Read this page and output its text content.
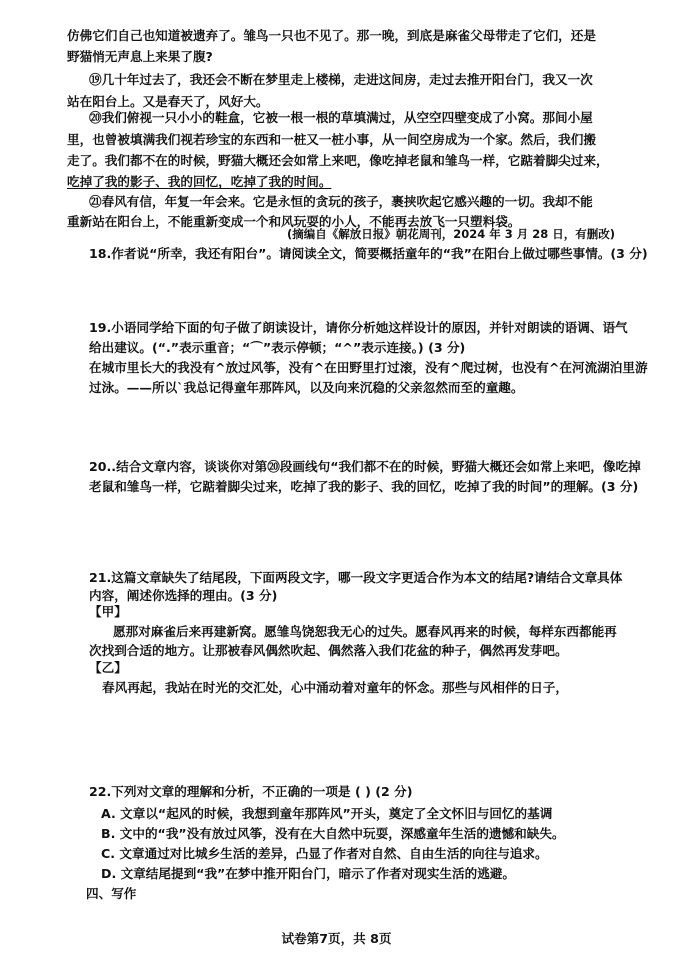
仿佛它们自己也知道被遗弃了。雏鸟一只也不见了。那一晚，到底是麻雀父母带走了它们，还是
野猫悄无声息上来果了腹?
⑲几十年过去了，我还会不断在梦里走上楼梯，走进这间房，走过去推开阳台门，我又一次
站在阳台上。又是春天了，风好大。
⑳我们俯视一只小小的鞋盒，它被一根一根的草填满过，从空空四壁变成了小窝。那间小屋
里，也曾被填满我们视若珍宝的东西和一桩又一桩小事，从一间空房成为一个家。然后，我们搬
走了。我们都不在的时候，野猫大概还会如常上来吧，像吃掉老鼠和雏鸟一样，它踮着脚尖过来，
吃掉了我的影子、我的回忆，吃掉了我的时间。
㉑春风有信，年复一年会来。它是永恒的贪玩的孩子，裹挟吹起它感兴趣的一切。我却不能
重新站在阳台上，不能重新变成一个和风玩耍的小人，不能再去放飞一只塑料袋。
(摘编自《解放日报》朝花周刊，2024 年 3 月 28 日，有删改)
18.作者说“所幸，我还有阳台”。请阅读全文，简要概括童年的“我”在阳台上做过哪些事情。(3 分)
19.小语同学给下面的句子做了朗读设计，请你分析她这样设计的原因，并针对朗读的语调、语气
给出建议。(“.”表示重音；“⌒”表示停顿；“^”表示连接。) (3 分)
在城市里长大的我没有^放过风筝，没有^在田野里打过滚，没有^爬过树，也没有^在河流湖泊里游
过泳。——所以`我总记得童年那阵风，以及向来沉稳的父亲忽然而至的童趣。
20..结合文章内容，谈谈你对第⑳段画线句“我们都不在的时候，野猫大概还会如常上来吧，像吃掉
老鼠和雏鸟一样，它踮着脚尖过来，吃掉了我的影子、我的回忆，吃掉了我的时间”的理解。(3 分)
21.这篇文章缺失了结尾段，下面两段文字，哪一段文字更适合作为本文的结尾?请结合文章具体
内容，阐述你选择的理由。(3 分)
【甲】
愿那对麻雀后来再建新窝。愿雏鸟饶恕我无心的过失。愿春风再来的时候，每样东西都能再
次找到合适的地方。让那被春风偶然吹起、偶然落入我们花盆的种子，偶然再发芽吧。
【乙】
春风再起，我站在时光的交汇处，心中涌动着对童年的怀念。那些与风相伴的日子，
22.下列对文章的理解和分析，不正确的一项是 ( ) (2 分)
A. 文章以“起风的时候，我想到童年那阵风”开头，奠定了全文怀旧与回忆的基调
B. 文中的“我”没有放过风筝，没有在大自然中玩耍，深感童年生活的遗憾和缺失。
C. 文章通过对比城乡生活的差异，凸显了作者对自然、自由生活的向往与追求。
D. 文章结尾提到“我”在梦中推开阳台门，暗示了作者对现实生活的逃避。
四、写作
试卷第7页，共 8页
